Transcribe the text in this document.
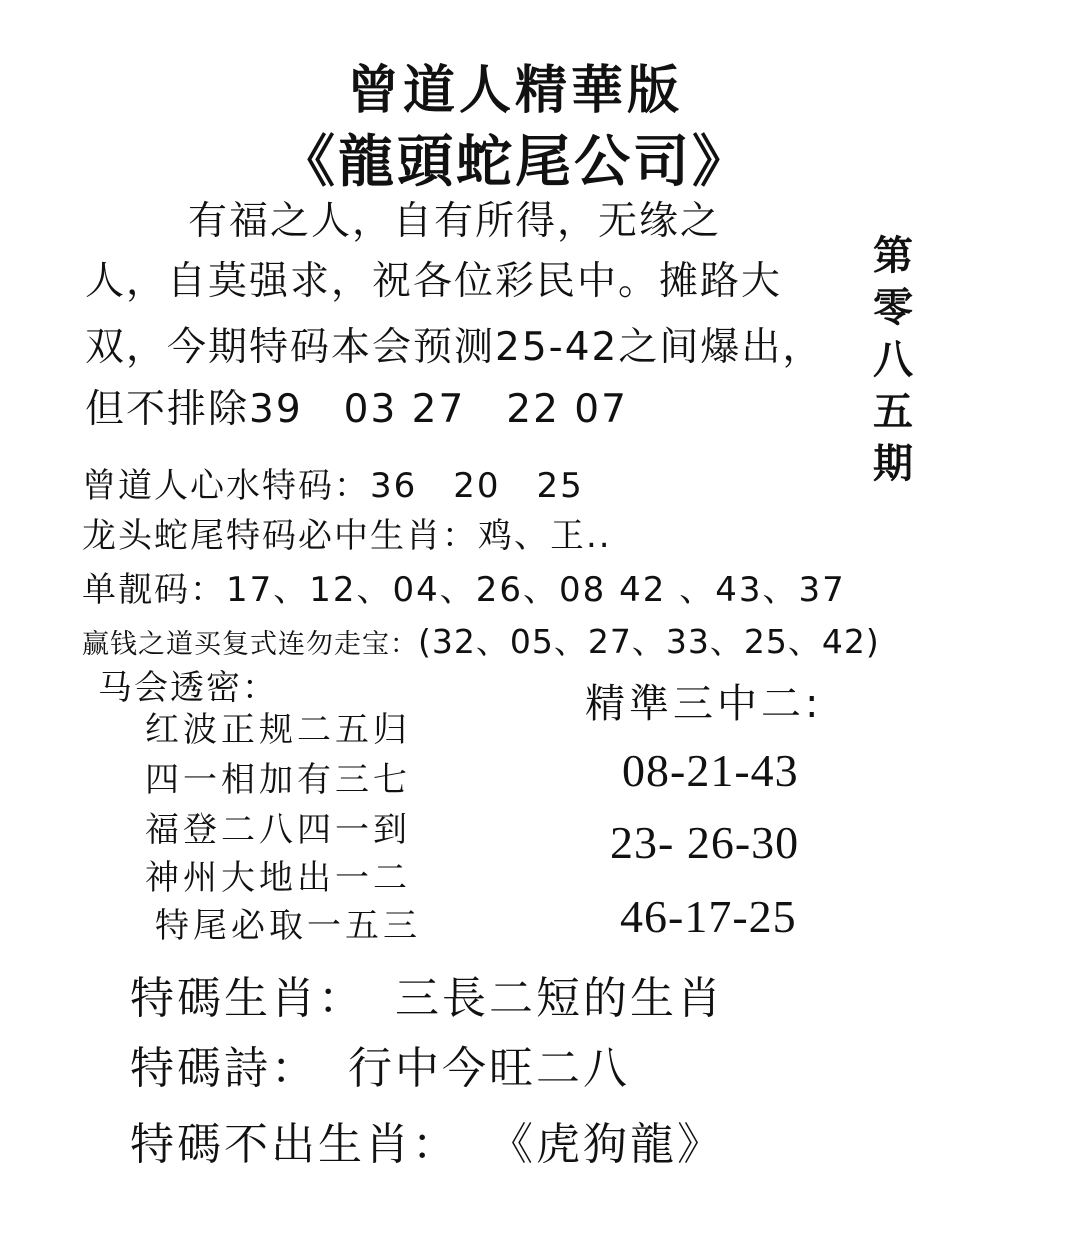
曾道人精華版
《龍頭蛇尾公司》
第
零
八
五
期

有福之人，自有所得，无缘之

人，自莫强求，祝各位彩民中。摊路大

双，今期特码本会预测25-42之间爆出，

但不排除39　03 27　22 07

曾道人心水特码：36　20　25

龙头蛇尾特码必中生肖：鸡、㠪..

单靓码：17、12、04、26、08 42 、43、37

赢钱之道买复式连勿走宝：(32、05、27、33、25、42)

马会透密：

红波正规二五归

四一相加有三七

福登二八四一到

神州大地出一二

特尾必取一五三

精準三中二:

08-21-43

23- 26-30

46-17-25

特碼生肖： 三長二短的生肖

特碼詩： 行中今旺二八

特碼不出生肖： 《虎狗龍》
